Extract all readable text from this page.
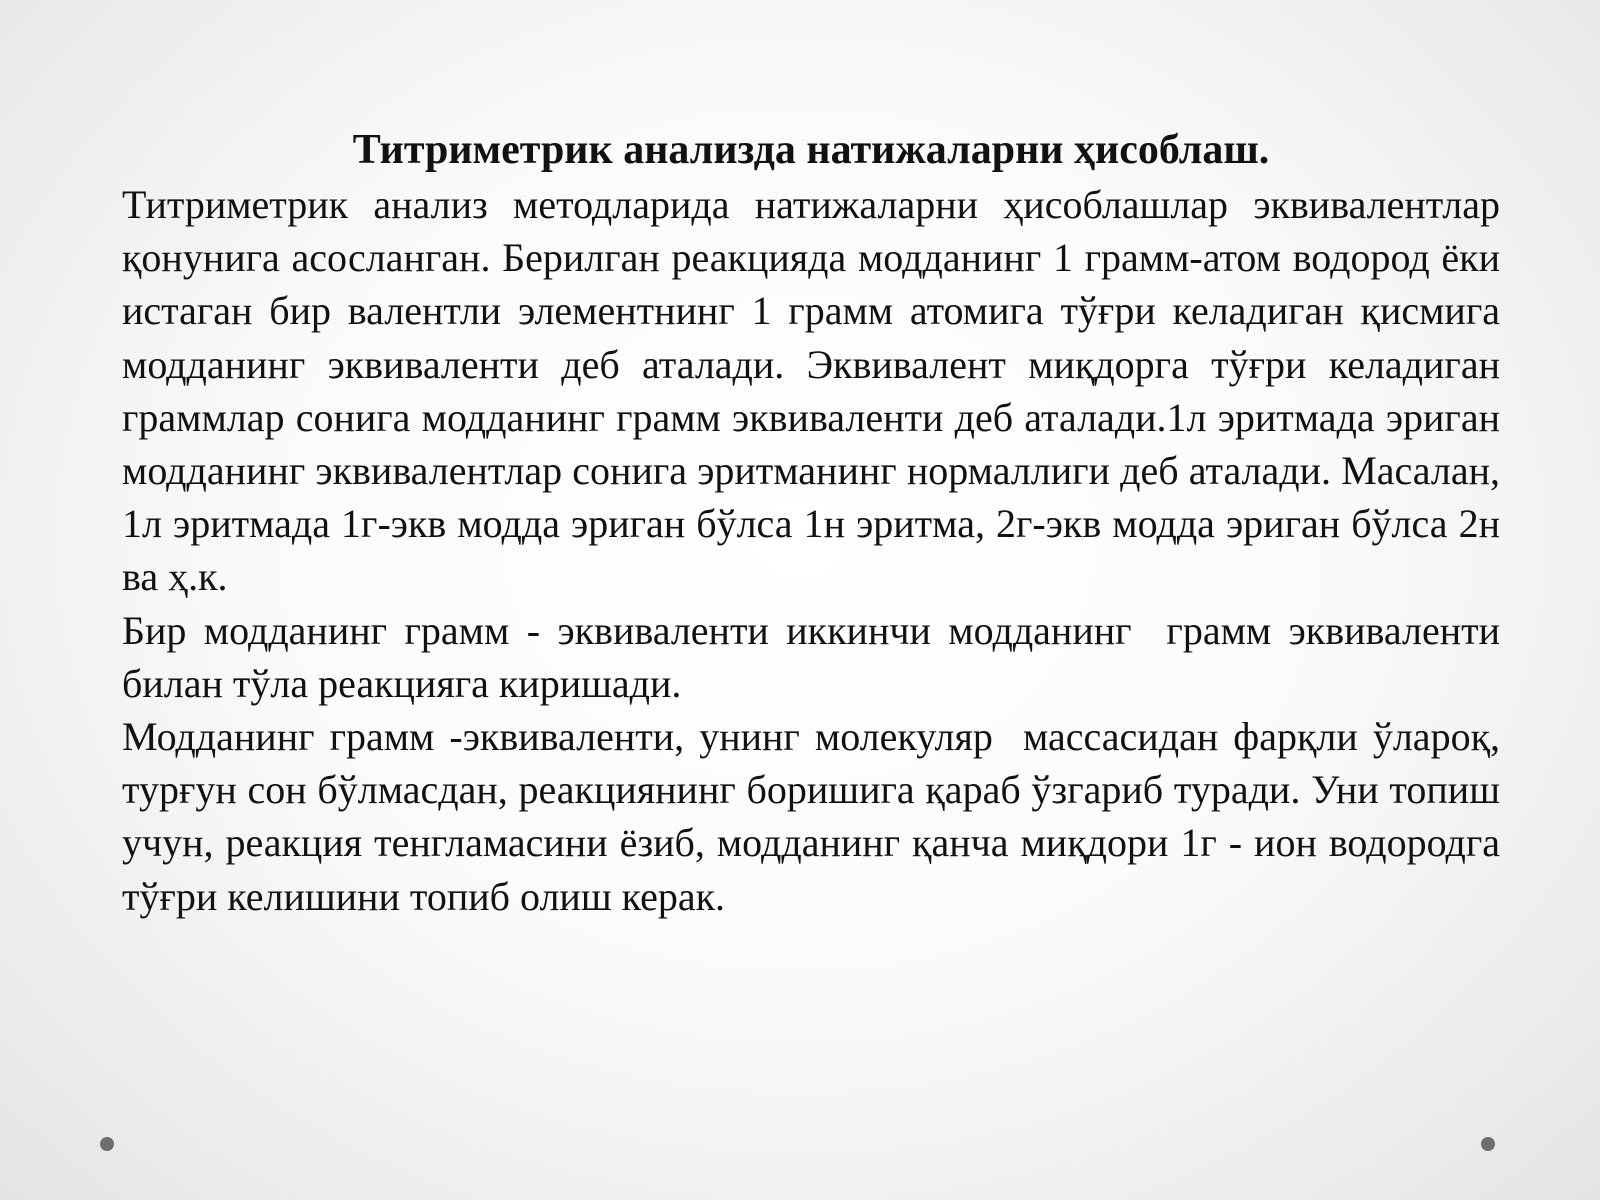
Титриметрик анализда натижаларни ҳисоблаш.

Титриметрик анализ методларида натижаларни ҳисоблашлар эквивалентлар қонунига асосланган. Берилган реакцияда модданинг 1 грамм-атом водород ёки истаган бир валентли элементнинг 1 грамм атомига тўғри келадиган қисмига модданинг эквиваленти деб аталади. Эквивалент миқдорга тўғри келадиган граммлар сонига модданинг грамм эквиваленти деб аталади.1л эритмада эриган модданинг эквивалентлар сонига эритманинг нормаллиги деб аталади. Масалан, 1л эритмада 1г-экв модда эриган бўлса 1н эритма, 2г-экв модда эриган бўлса 2н ва ҳ.к.

Бир модданинг грамм - эквиваленти иккинчи модданинг  грамм эквиваленти билан тўла реакцияга киришади.

Модданинг грамм -эквиваленти, унинг молекуляр  массасидан фарқли ўлароқ, турғун сон бўлмасдан, реакциянинг боришига қараб ўзгариб туради. Уни топиш учун, реакция тенгламасини ёзиб, модданинг қанча миқдори 1г - ион водородга тўғри келишини топиб олиш керак.
